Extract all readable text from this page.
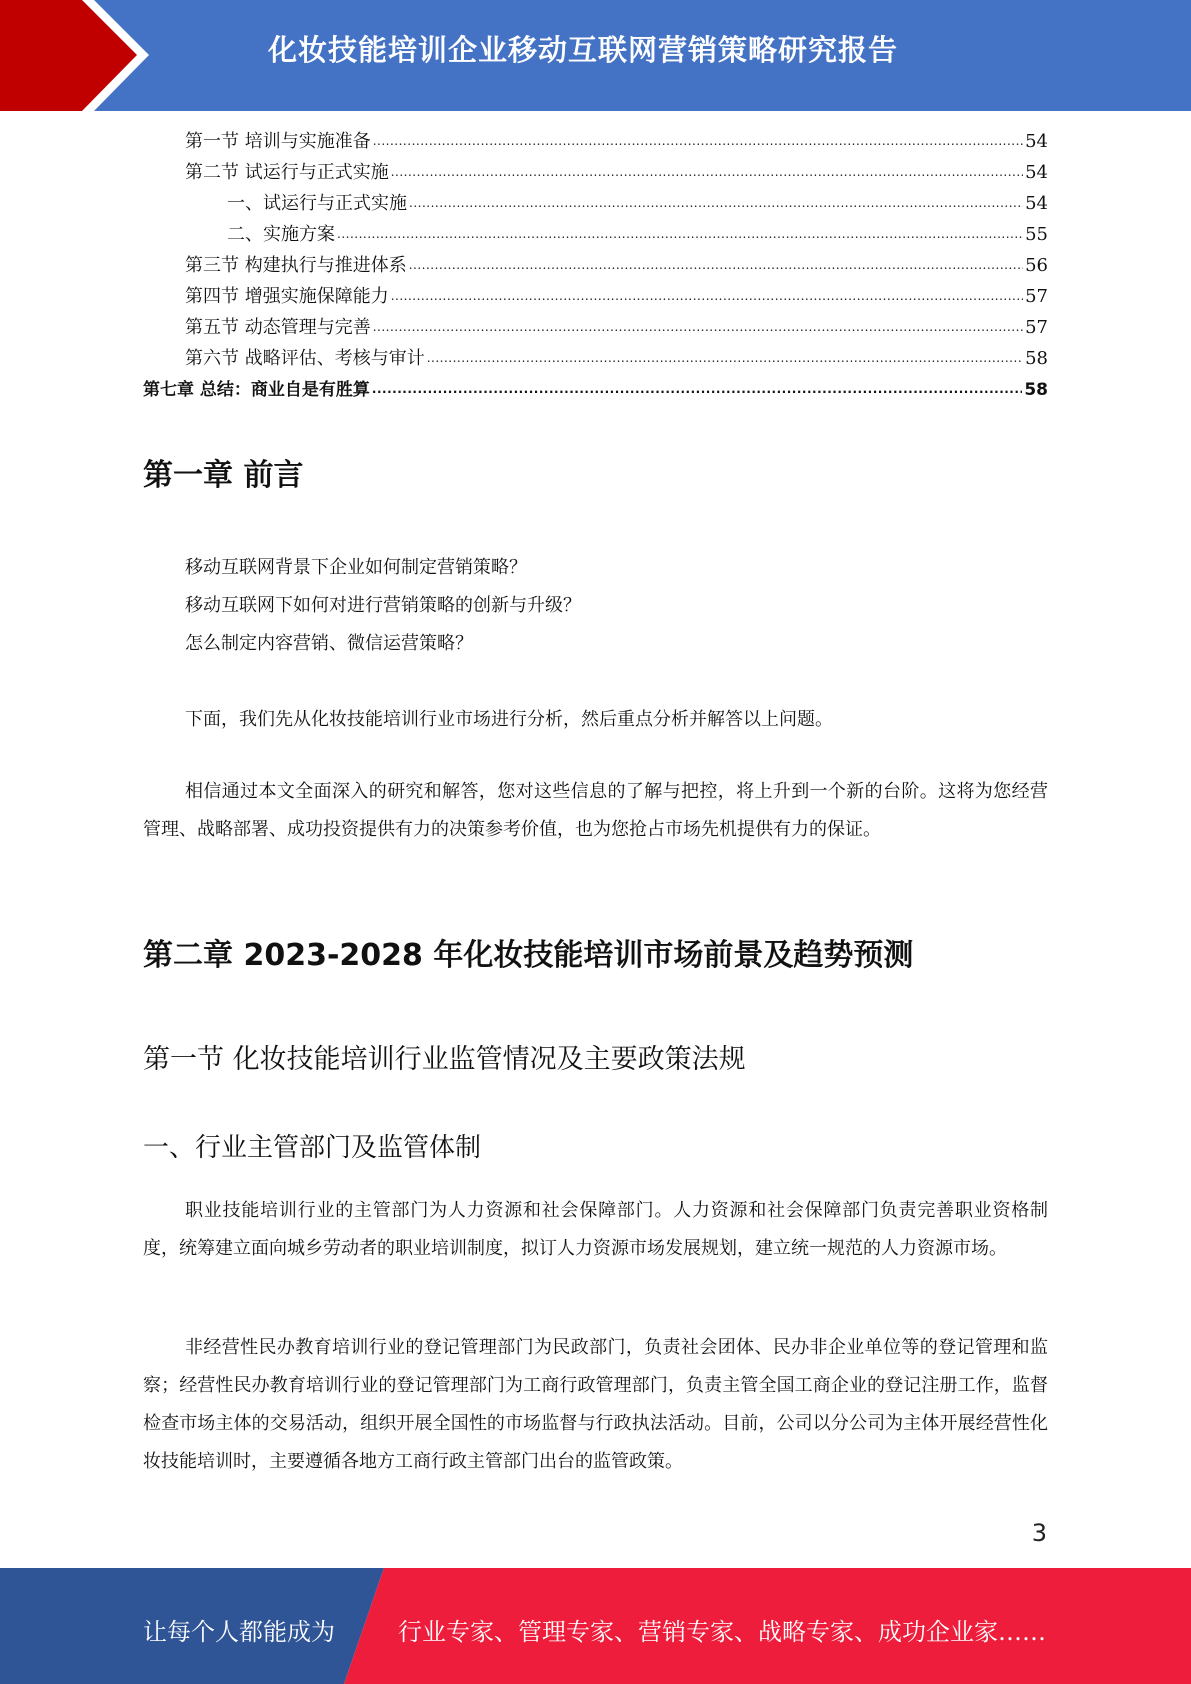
化妆技能培训企业移动互联网营销策略研究报告
第一节 培训与实施准备 .....	54
第二节 试运行与正式实施 .....	54
一、试运行与正式实施 .....	54
二、实施方案 .....	55
第三节 构建执行与推进体系 .....	56
第四节 增强实施保障能力 .....	57
第五节 动态管理与完善 .....	57
第六节 战略评估、考核与审计 .....	58
第七章 总结：商业自是有胜算 .....	58
第一章 前言
移动互联网背景下企业如何制定营销策略？
移动互联网下如何对进行营销策略的创新与升级？
怎么制定内容营销、微信运营策略？
下面，我们先从化妆技能培训行业市场进行分析，然后重点分析并解答以上问题。
相信通过本文全面深入的研究和解答，您对这些信息的了解与把控，将上升到一个新的台阶。这将为您经营管理、战略部署、成功投资提供有力的决策参考价值，也为您抢占市场先机提供有力的保证。
第二章 2023-2028 年化妆技能培训市场前景及趋势预测
第一节 化妆技能培训行业监管情况及主要政策法规
一、行业主管部门及监管体制
职业技能培训行业的主管部门为人力资源和社会保障部门。人力资源和社会保障部门负责完善职业资格制度，统筹建立面向城乡劳动者的职业培训制度，拟订人力资源市场发展规划，建立统一规范的人力资源市场。
非经营性民办教育培训行业的登记管理部门为民政部门，负责社会团体、民办非企业单位等的登记管理和监察；经营性民办教育培训行业的登记管理部门为工商行政管理部门，负责主管全国工商企业的登记注册工作，监督检查市场主体的交易活动，组织开展全国性的市场监督与行政执法活动。目前，公司以分公司为主体开展经营性化妆技能培训时，主要遵循各地方工商行政主管部门出台的监管政策。
3
让每个人都能成为	行业专家、管理专家、营销专家、战略专家、成功企业家……
